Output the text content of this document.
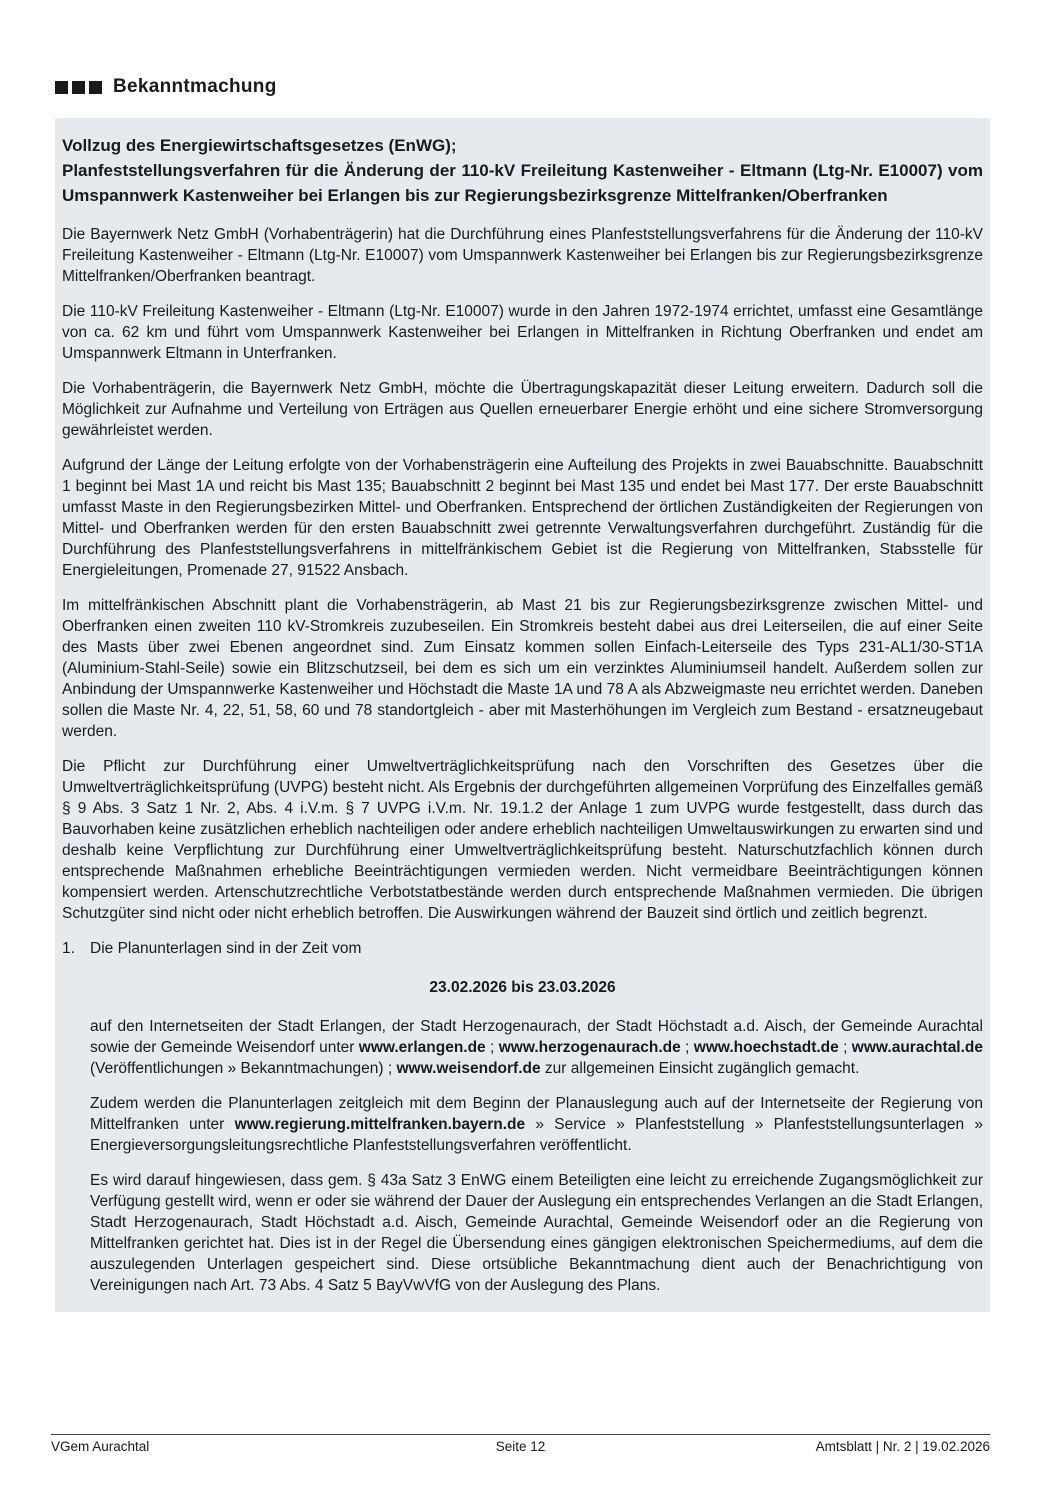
Bekanntmachung

Vollzug des Energiewirtschaftsgesetzes (EnWG);

Planfeststellungsverfahren für die Änderung der 110-kV Freileitung Kastenweiher - Eltmann (Ltg-Nr. E10007) vom Umspannwerk Kastenweiher bei Erlangen bis zur Regierungsbezirksgrenze Mittelfranken/Oberfranken

Die Bayernwerk Netz GmbH (Vorhabenträgerin) hat die Durchführung eines Planfeststellungsverfahrens für die Änderung der 110-kV Freileitung Kastenweiher - Eltmann (Ltg-Nr. E10007) vom Umspannwerk Kastenweiher bei Erlangen bis zur Regierungsbezirksgrenze Mittelfranken/Oberfranken beantragt.

Die 110-kV Freileitung Kastenweiher - Eltmann (Ltg-Nr. E10007) wurde in den Jahren 1972-1974 errichtet, umfasst eine Gesamtlänge von ca. 62 km und führt vom Umspannwerk Kastenweiher bei Erlangen in Mittelfranken in Richtung Oberfranken und endet am Umspannwerk Eltmann in Unterfranken.

Die Vorhabenträgerin, die Bayernwerk Netz GmbH, möchte die Übertragungskapazität dieser Leitung erweitern. Dadurch soll die Möglichkeit zur Aufnahme und Verteilung von Erträgen aus Quellen erneuerbarer Energie erhöht und eine sichere Stromversorgung gewährleistet werden.

Aufgrund der Länge der Leitung erfolgte von der Vorhabensträgerin eine Aufteilung des Projekts in zwei Bauabschnitte. Bauabschnitt 1 beginnt bei Mast 1A und reicht bis Mast 135; Bauabschnitt 2 beginnt bei Mast 135 und endet bei Mast 177. Der erste Bauabschnitt umfasst Maste in den Regierungsbezirken Mittel- und Oberfranken. Entsprechend der örtlichen Zuständigkeiten der Regierungen von Mittel- und Oberfranken werden für den ersten Bauabschnitt zwei getrennte Verwaltungsverfahren durchgeführt. Zuständig für die Durchführung des Planfeststellungsverfahrens in mittelfränkischem Gebiet ist die Regierung von Mittelfranken, Stabsstelle für Energieleitungen, Promenade 27, 91522 Ansbach.

Im mittelfränkischen Abschnitt plant die Vorhabensträgerin, ab Mast 21 bis zur Regierungsbezirksgrenze zwischen Mittel- und Oberfranken einen zweiten 110 kV-Stromkreis zuzubeseilen. Ein Stromkreis besteht dabei aus drei Leiterseilen, die auf einer Seite des Masts über zwei Ebenen angeordnet sind. Zum Einsatz kommen sollen Einfach-Leiterseile des Typs 231-AL1/30-ST1A (Aluminium-Stahl-Seile) sowie ein Blitzschutzseil, bei dem es sich um ein verzinktes Aluminiumseil handelt. Außerdem sollen zur Anbindung der Umspannwerke Kastenweiher und Höchstadt die Maste 1A und 78 A als Abzweigmaste neu errichtet werden. Daneben sollen die Maste Nr. 4, 22, 51, 58, 60 und 78 standortgleich - aber mit Masterhöhungen im Vergleich zum Bestand - ersatzneugebaut werden.

Die Pflicht zur Durchführung einer Umweltverträglichkeitsprüfung nach den Vorschriften des Gesetzes über die Umweltverträglichkeitsprüfung (UVPG) besteht nicht. Als Ergebnis der durchgeführten allgemeinen Vorprüfung des Einzelfalles gemäß § 9 Abs. 3 Satz 1 Nr. 2, Abs. 4 i.V.m. § 7 UVPG i.V.m. Nr. 19.1.2 der Anlage 1 zum UVPG wurde festgestellt, dass durch das Bauvorhaben keine zusätzlichen erheblich nachteiligen oder andere erheblich nachteiligen Umweltauswirkungen zu erwarten sind und deshalb keine Verpflichtung zur Durchführung einer Umweltverträglichkeitsprüfung besteht. Naturschutzfachlich können durch entsprechende Maßnahmen erhebliche Beeinträchtigungen vermieden werden. Nicht vermeidbare Beeinträchtigungen können kompensiert werden. Artenschutzrechtliche Verbotstatbestände werden durch entsprechende Maßnahmen vermieden. Die übrigen Schutzgüter sind nicht oder nicht erheblich betroffen. Die Auswirkungen während der Bauzeit sind örtlich und zeitlich begrenzt.

1. Die Planunterlagen sind in der Zeit vom

23.02.2026 bis 23.03.2026

auf den Internetseiten der Stadt Erlangen, der Stadt Herzogenaurach, der Stadt Höchstadt a.d. Aisch, der Gemeinde Aurachtal sowie der Gemeinde Weisendorf unter www.erlangen.de ; www.herzogenaurach.de ; www.hoechstadt.de ; www.aurachtal.de (Veröffentlichungen » Bekanntmachungen) ; www.weisendorf.de zur allgemeinen Einsicht zugänglich gemacht.

Zudem werden die Planunterlagen zeitgleich mit dem Beginn der Planauslegung auch auf der Internetseite der Regierung von Mittelfranken unter www.regierung.mittelfranken.bayern.de » Service » Planfeststellung » Planfeststellungsunterlagen » Energieversorgungsleitungsrechtliche Planfeststellungsverfahren veröffentlicht.

Es wird darauf hingewiesen, dass gem. § 43a Satz 3 EnWG einem Beteiligten eine leicht zu erreichende Zugangsmöglichkeit zur Verfügung gestellt wird, wenn er oder sie während der Dauer der Auslegung ein entsprechendes Verlangen an die Stadt Erlangen, Stadt Herzogenaurach, Stadt Höchstadt a.d. Aisch, Gemeinde Aurachtal, Gemeinde Weisendorf oder an die Regierung von Mittelfranken gerichtet hat. Dies ist in der Regel die Übersendung eines gängigen elektronischen Speichermediums, auf dem die auszulegenden Unterlagen gespeichert sind. Diese ortsübliche Bekanntmachung dient auch der Benachrichtigung von Vereinigungen nach Art. 73 Abs. 4 Satz 5 BayVwVfG von der Auslegung des Plans.

VGem Aurachtal	Seite 12	Amtsblatt | Nr. 2 | 19.02.2026
